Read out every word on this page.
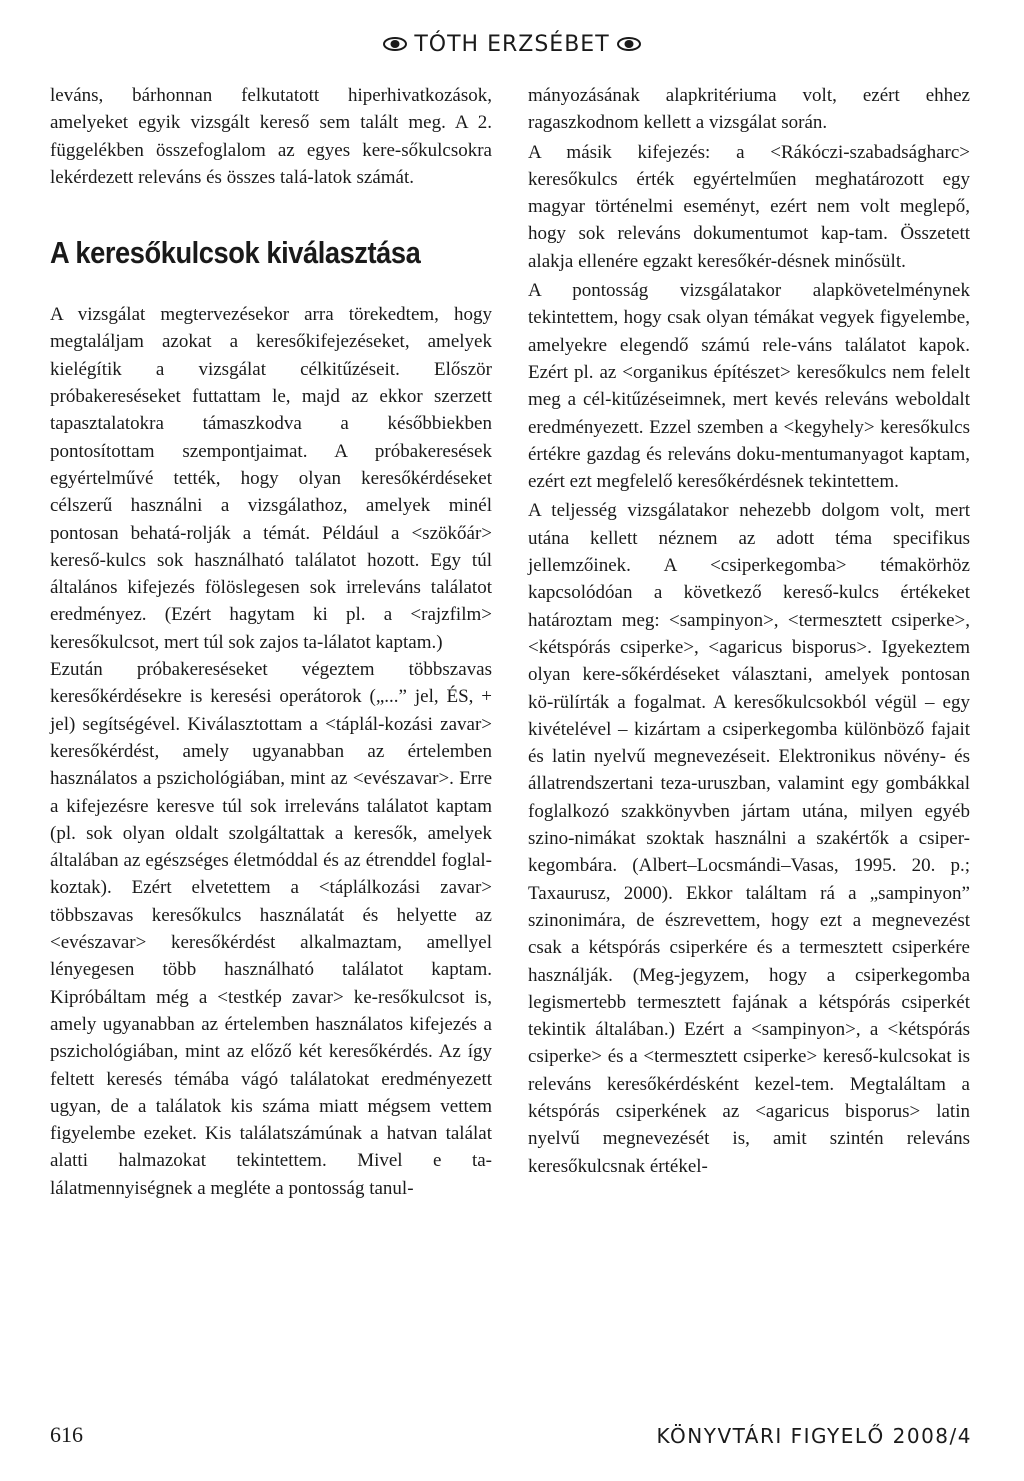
TÓTH ERZSÉBET

leváns, bárhonnan felkutatott hiperhivatkozások, amelyeket egyik vizsgált kereső sem talált meg. A 2. függelékben összefoglalom az egyes kere-sőkulcsokra lekérdezett releváns és összes talá-latok számát.

A keresőkulcsok kiválasztása

A vizsgálat megtervezésekor arra törekedtem, hogy megtaláljam azokat a keresőkifejezéseket, amelyek kielégítik a vizsgálat célkitűzéseit. Először próbakereséseket futtattam le, majd az ekkor szerzett tapasztalatokra támaszkodva a későbbiekben pontosítottam szempontjaimat. A próbakeresések egyértelművé tették, hogy olyan keresőkérdéseket célszerű használni a vizsgálathoz, amelyek minél pontosan behatá-rolják a témát. Például a <szökőár> kereső-kulcs sok használható találatot hozott. Egy túl általános kifejezés fölöslegesen sok irreleváns találatot eredményez. (Ezért hagytam ki pl. a <rajzfilm> keresőkulcsot, mert túl sok zajos ta-lálatot kaptam.)

Ezután próbakereséseket végeztem többszavas keresőkérdésekre is keresési operátorok („...” jel, ÉS, + jel) segítségével. Kiválasztottam a <táplál-kozási zavar> keresőkérdést, amely ugyanabban az értelemben használatos a pszichológiában, mint az <evészavar>. Erre a kifejezésre keresve túl sok irreleváns találatot kaptam (pl. sok olyan oldalt szolgáltattak a keresők, amelyek általában az egészséges életmóddal és az étrenddel foglal-koztak). Ezért elvetettem a <táplálkozási zavar> többszavas keresőkulcs használatát és helyette az <evészavar> keresőkérdést alkalmaztam, amellyel lényegesen több használható találatot kaptam. Kipróbáltam még a <testkép zavar> ke-resőkulcsot is, amely ugyanabban az értelemben használatos kifejezés a pszichológiában, mint az előző két keresőkérdés. Az így feltett keresés témába vágó találatokat eredményezett ugyan, de a találatok kis száma miatt mégsem vettem figyelembe ezeket. Kis találatszámúnak a hatvan találat alatti halmazokat tekintettem. Mivel e ta-lálatmennyiségnek a megléte a pontosság tanul-

mányozásának alapkritériuma volt, ezért ehhez ragaszkodnom kellett a vizsgálat során.

A másik kifejezés: a <Rákóczi-szabadságharc> keresőkulcs érték egyértelműen meghatározott egy magyar történelmi eseményt, ezért nem volt meglepő, hogy sok releváns dokumentumot kap-tam. Összetett alakja ellenére egzakt keresőkér-désnek minősült.

A pontosság vizsgálatakor alapkövetelménynek tekintettem, hogy csak olyan témákat vegyek figyelembe, amelyekre elegendő számú rele-váns találatot kapok. Ezért pl. az <organikus építészet> keresőkulcs nem felelt meg a cél-kitűzéseimnek, mert kevés releváns weboldalt eredményezett. Ezzel szemben a <kegyhely> keresőkulcs értékre gazdag és releváns doku-mentumanyagot kaptam, ezért ezt megfelelő keresőkérdésnek tekintettem.

A teljesség vizsgálatakor nehezebb dolgom volt, mert utána kellett néznem az adott téma specifikus jellemzőinek. A <csiperkegomba> témakörhöz kapcsolódóan a következő kereső-kulcs értékeket határoztam meg: <sampinyon>, <termesztett csiperke>, <kétspórás csiperke>, <agaricus bisporus>. Igyekeztem olyan kere-sőkérdéseket választani, amelyek pontosan kö-rülírták a fogalmat. A keresőkulcsokból végül – egy kivételével – kizártam a csiperkegomba különböző fajait és latin nyelvű megnevezéseit. Elektronikus növény- és állatrendszertani teza-uruszban, valamint egy gombákkal foglalkozó szakkönyvben jártam utána, milyen egyéb szino-nimákat szoktak használni a szakértők a csiper-kegombára. (Albert–Locsmándi–Vasas, 1995. 20. p.; Taxaurusz, 2000). Ekkor találtam rá a „sampinyon” szinonimára, de észrevettem, hogy ezt a megnevezést csak a kétspórás csiperkére és a termesztett csiperkére használják. (Meg-jegyzem, hogy a csiperkegomba legismertebb termesztett fajának a kétspórás csiperkét tekintik általában.) Ezért a <sampinyon>, a <kétspórás csiperke> és a <termesztett csiperke> kereső-kulcsokat is releváns keresőkérdésként kezel-tem. Megtaláltam a kétspórás csiperkének az <agaricus bisporus> latin nyelvű megnevezését is, amit szintén releváns keresőkulcsnak értékel-

616	KÖNYVTÁRI FIGYELŐ 2008/4
